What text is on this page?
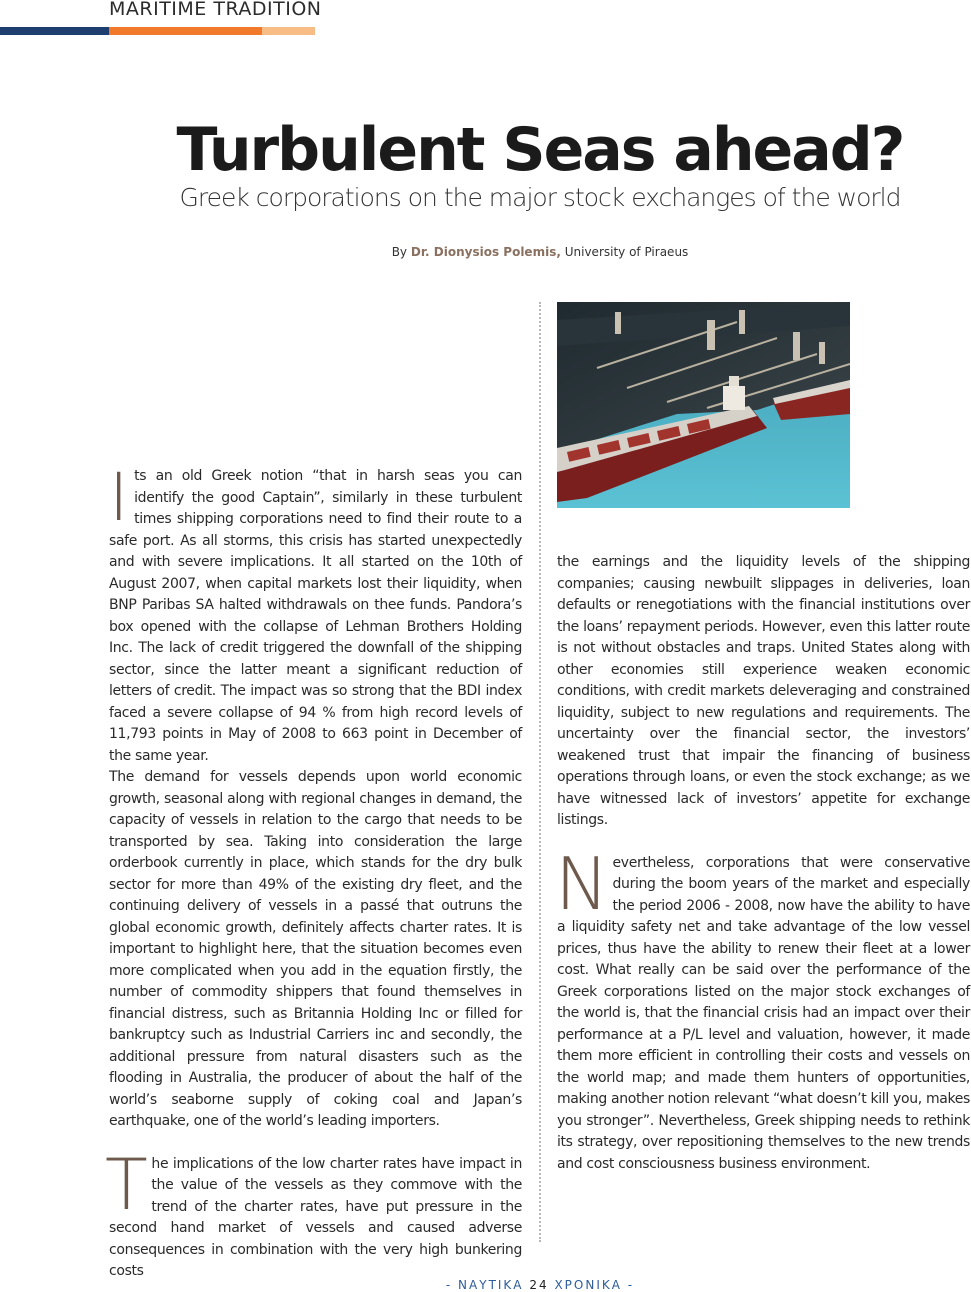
MARITIME TRADITION
Turbulent Seas ahead?
Greek corporations on the major stock exchanges of the world
By Dr. Dionysios Polemis, University of Piraeus

Its an old Greek notion “that in harsh seas you can identify the good Captain”, similarly in these turbulent times shipping corporations need to find their route to a safe port. As all storms, this crisis has started unexpectedly and with severe implications. It all started on the 10th of August 2007, when capital markets lost their liquidity, when BNP Paribas SA halted withdrawals on thee funds. Pandora’s box opened with the collapse of Lehman Brothers Holding Inc. The lack of credit triggered the downfall of the shipping sector, since the latter meant a significant reduction of letters of credit. The impact was so strong that the BDI index faced a severe collapse of 94 % from high record levels of 11,793 points in May of 2008 to 663 point in December of the same year.

The demand for vessels depends upon world economic growth, seasonal along with regional changes in demand, the capacity of vessels in relation to the cargo that needs to be transported by sea. Taking into consideration the large orderbook currently in place, which stands for the dry bulk sector for more than 49% of the existing dry fleet, and the continuing delivery of vessels in a passé that outruns the global economic growth, definitely affects charter rates. It is important to highlight here, that the situation becomes even more complicated when you add in the equation firstly, the number of commodity shippers that found themselves in financial distress, such as Britannia Holding Inc or filled for bankruptcy such as Industrial Carriers inc and secondly, the additional pressure from natural disasters such as the flooding in Australia, the producer of about the half of the world’s seaborne supply of coking coal and Japan’s earthquake, one of the world’s leading importers.

The implications of the low charter rates have impact in the value of the vessels as they commove with the trend of the charter rates, have put pressure in the second hand market of vessels and caused adverse consequences in combination with the very high bunkering costs

the earnings and the liquidity levels of the shipping companies; causing newbuilt slippages in deliveries, loan defaults or renegotiations with the financial institutions over the loans’ repayment periods. However, even this latter route is not without obstacles and traps. United States along with other economies still experience weaken economic conditions, with credit markets deleveraging and constrained liquidity, subject to new regulations and requirements. The uncertainty over the financial sector, the investors’ weakened trust that impair the financing of business operations through loans, or even the stock exchange; as we have witnessed lack of investors’ appetite for exchange listings.

Nevertheless, corporations that were conservative during the boom years of the market and especially the period 2006 - 2008, now have the ability to have a liquidity safety net and take advantage of the low vessel prices, thus have the ability to renew their fleet at a lower cost. What really can be said over the performance of the Greek corporations listed on the major stock exchanges of the world is, that the financial crisis had an impact over their performance at a P/L level and valuation, however, it made them more efficient in controlling their costs and vessels on the world map; and made them hunters of opportunities, making another notion relevant “what doesn’t kill you, makes you stronger”. Nevertheless, Greek shipping needs to rethink its strategy, over repositioning themselves to the new trends and cost consciousness business environment.

- ΝΑΥΤΙΚΑ 24 ΧΡΟΝΙΚΑ -
